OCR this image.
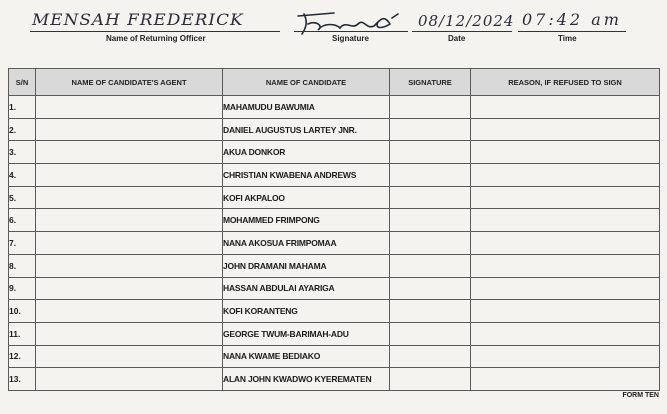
MENSAH FREDERICK
Name of Returning Officer	Signature
08/12/2024
Date
07:42 am
Time
S/N	NAME OF CANDIDATE'S AGENT	NAME OF CANDIDATE	SIGNATURE	REASON, IF REFUSED TO SIGN
1.		MAHAMUDU BAWUMIA		
2.		DANIEL AUGUSTUS LARTEY JNR.		
3.		AKUA DONKOR		
4.		CHRISTIAN KWABENA ANDREWS		
5.		KOFI AKPALOO		
6.		MOHAMMED FRIMPONG		
7.		NANA AKOSUA FRIMPOMAA		
8.		JOHN DRAMANI MAHAMA		
9.		HASSAN ABDULAI AYARIGA		
10.		KOFI KORANTENG		
11.		GEORGE TWUM-BARIMAH-ADU		
12.		NANA KWAME BEDIAKO		
13.		ALAN JOHN KWADWO KYEREMATEN		
FORM TEN
